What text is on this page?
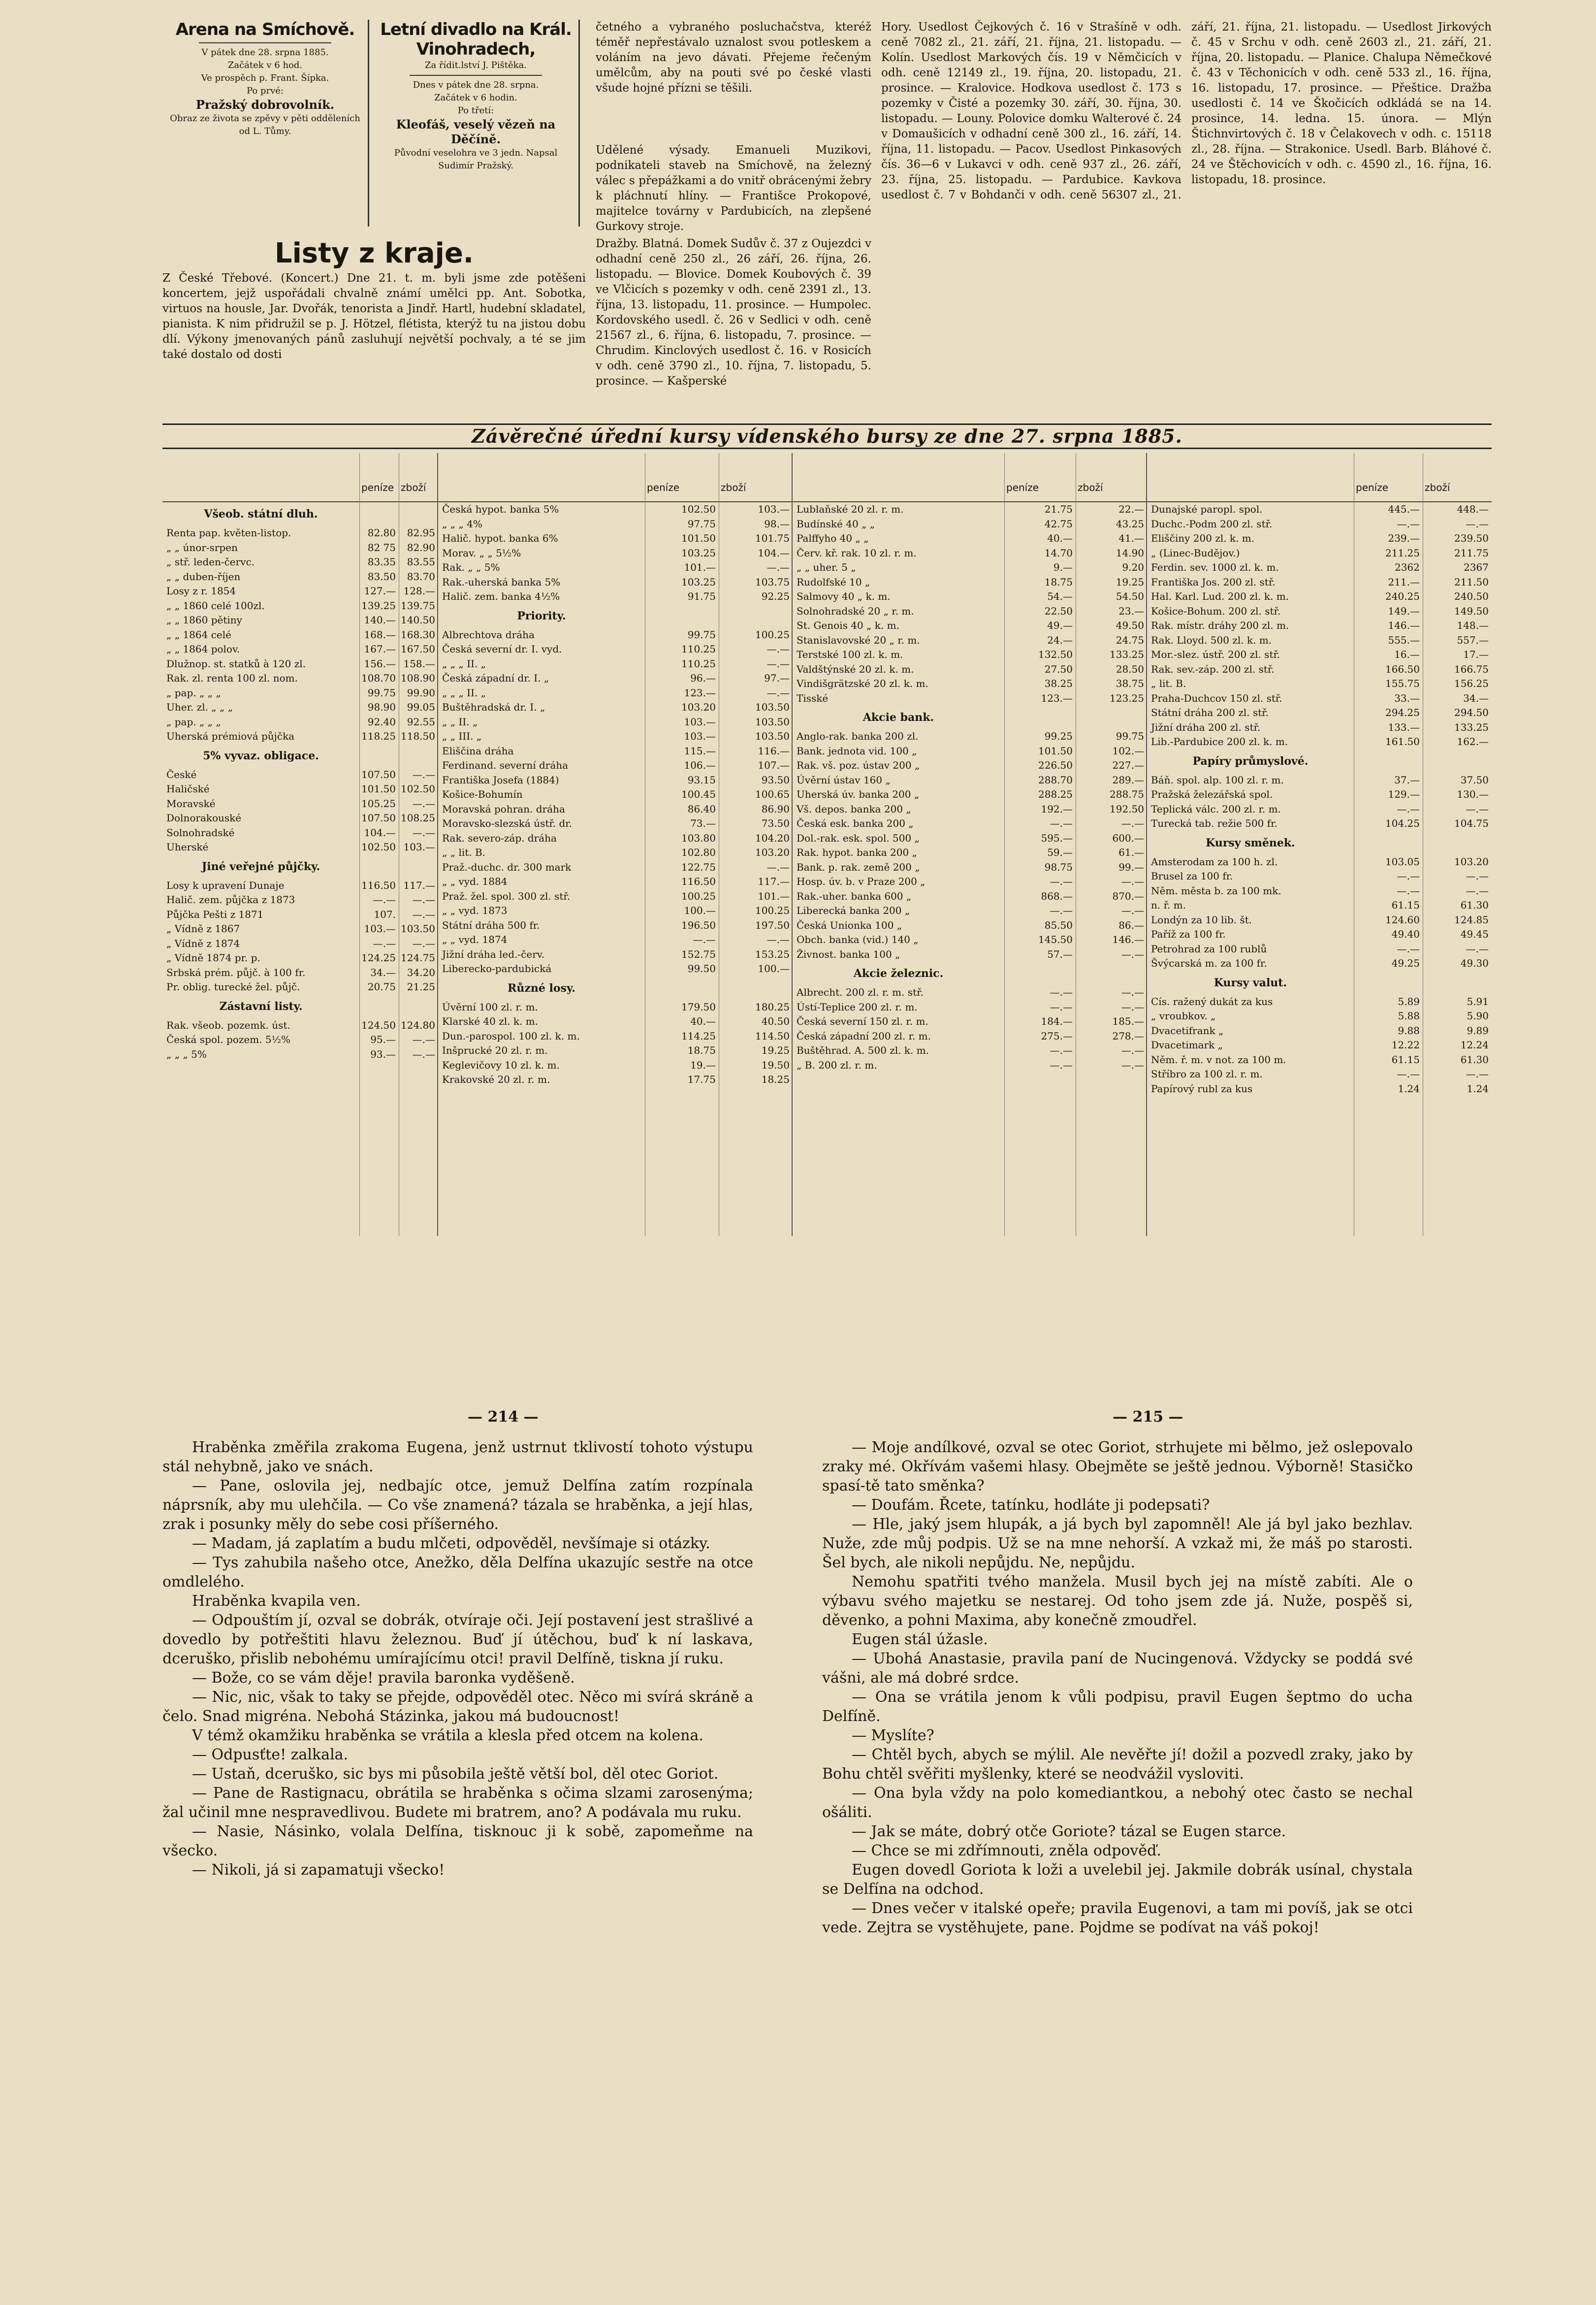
Arena na Smíchově.
V pátek dne 28. srpna 1885.
Začátek v 6 hod.
Ve prospěch p. Frant. Šípka.
Po prvé:
Pražský dobrovolník.
Obraz ze života se zpěvy v pěti odděleních od L. Tůmy.
Letní divadlo na Král. Vinohradech,
Za řídit.lství J. Pištěka.
Dnes v pátek dne 28. srpna.
Začátek v 6 hodin.
Po třetí:
Kleofáš, veselý vězeň na Děčíně.
Původní veselohra ve 3 jedn. Napsal Sudimír Pražský.
Listy z kraje.
Z České Třebové. (Koncert.) Dne 21. t. m. byli jsme zde potěšeni koncertem, jejž uspořádali chvalně známí umělci pp. Ant. Sobotka, virtuos na housle, Jar. Dvořák, tenorista a Jindř. Hartl, hudební skladatel, pianista. K nim přidružil se p. J. Hötzel, flétista, kterýž tu na jistou dobu dlí. Výkony jmenovaných pánů zasluhují největší pochvaly, a té se jim také dostalo od dosti
četného a vybraného posluchačstva, kteréž téměř nepřestávalo uznalost svou potleskem a voláním na jevo dávati. Přejeme řečeným umělcům, aby na pouti své po české vlasti všude hojné přízni se těšili.
Udělené výsady. Emanueli Muzikovi, podnikateli staveb na Smíchově, na železný válec s přepážkami a do vnitř obrácenými žebry k pláchnutí hlíny. — Františce Prokopové, majitelce továrny v Pardubicích, na zlepšené Gurkovy stroje.
Dražby. Blatná. Domek Sudův č. 37 z Oujezdci v odhadní ceně 250 zl., 26 září, 26. října, 26. listopadu. — Blovice. Domek Koubových č. 39 ve Vlčicích s pozemky v odh. ceně 2391 zl., 13. října, 13. listopadu, 11. prosince. — Humpolec. Kordovského usedl. č. 26 v Sedlici v odh. ceně 21567 zl., 6. října, 6. listopadu, 7. prosince. — Chrudim. Kinclových usedlost č. 16. v Rosicích v odh. ceně 3790 zl., 10. října, 7. listopadu, 5. prosince. — Kašperské
Hory. Usedlost Čejkových č. 16 v Strašíně v odh. ceně 7082 zl., 21. září, 21. října, 21. listopadu. — Kolín. Usedlost Markových čís. 19 v Němčicích v odh. ceně 12149 zl., 19. října, 20. listopadu, 21. prosince. — Kralovice. Hodkova usedlost č. 173 s pozemky v Čisté a pozemky 30. září, 30. října, 30. listopadu. — Louny. Polovice domku Walterové č. 24 v Domaušicích v odhadní ceně 300 zl., 16. září, 14. října, 11. listopadu. — Pacov. Usedlost Pinkasových čís. 36—6 v Lukavci v odh. ceně 937 zl., 26. září, 23. října, 25. listopadu. — Pardubice. Kavkova usedlost č. 7 v Bohdanči v odh. ceně 56307 zl., 21. září, 21. října, 21. listopadu. — Usedlost Jirkových č. 45 v Srchu v odh. ceně 2603 zl., 21. září, 21. října, 20. listopadu. — Planice. Chalupa Němečkové č. 43 v Těchonicích v odh. ceně 533 zl., 16. října, 16. listopadu, 17. prosince. — Přeštice. Dražba usedlosti č. 14 ve Škočicích odkládá se na 14. prosince, 14. ledna. 15. února. — Mlýn Štichnvirtových č. 18 v Čelakovech v odh. c. 15118 zl., 28. října. — Strakonice. Usedl. Barb. Bláhové č. 24 ve Štěchovicích v odh. c. 4590 zl., 16. října, 16. listopadu, 18. prosince.
Závěrečné úřední kursy vídenského bursy ze dne 27. srpna 1885.
peníze zboží
Všeob. státní dluh.
Renta pap. květen-listop.	82.80	82.95
„ „ únor-srpen	82 75	82.90
„ stř. leden-červc.	83.35	83.55
„ „ duben-říjen	83.50	83.70
Losy z r. 1854	127.— 128.—
„ „ 1860 celé 100zl.	139.25 139.75
„ „ 1860 pětiny	140.— 140.50
„ „ 1864 celé	168.— 168.30
„ „ 1864 polov.	167.— 167.50
Dlužnop. st. statků à 120 zl.	156.— 158.—
Rak. zl. renta 100 zl. nom.	108.70 108.90
„ pap. „ „ „	99.75	99.90
Uher. zl. „ „ „	98.90	99.05
„ pap. „ „ „	92.40	92.55
Uherská prémiová půjčka	118.25 118.50
5% vyvaz. obligace.
České	107.50	—.—
Haličské	101.50 102.50
Moravské	105.25	—.—
Dolnorakouské	107.50 108.25
Solnohradské	104.—	—.—
Uherské	102.50 103.—
Jiné veřejné půjčky.
Losy k upravení Dunaje	116.50 117.—
Halič. zem. půjčka z 1873	—.—	—.—
Půjčka Pešti z 1871	107.	—.—
„ Vídně z 1867	103.— 103.50
„ Vídně z 1874	—.—	—.—
„ Vídně 1874 pr. p.	124.25 124.75
Srbská prém. půjč. à 100 fr.	34.—	34.20
Pr. oblig. turecké žel. půjč.	20.75	21.25
Zástavní listy.
Rak. všeob. pozemk. úst.	124.50 124.80
Česká spol. pozem. 5½%	95.—	—.—
„ „ „ 5%	93.—	—.—
peníze	zboží
Česká hypot. banka 5%	102.50	103.—
„ „ „ 4%	97.75	98.—
Halič. hypot. banka 6%	101.50	101.75
Morav. „ „ 5½%	103.25	104.—
Rak. „ „ 5%	101.—	—.—
Rak.-uherská banka 5%	103.25	103.75
Halič. zem. banka 4½%	91.75	92.25
Priority.
Albrechtova dráha	99.75	100.25
Česká severní dr. I. vyd.	110.25	—.—
„ „ „ II. „	110.25	—.—
Česká západní dr. I. „	96.—	97.—
„ „ „ II. „	123.—	—.—
Buštěhradská dr. I. „	103.20	103.50
„ „ II. „	103.—	103.50
„ „ III. „	103.—	103.50
Eliščina dráha	115.—	116.—
Ferdinand. severní dráha	106.—	107.—
Františka Josefa (1884)	93.15	93.50
Košice-Bohumín	100.45	100.65
Moravská pohran. dráha	86.40	86.90
Moravsko-slezská ústř. dr.	73.—	73.50
Rak. severo-záp. dráha	103.80	104.20
„ „ lit. B.	102.80	103.20
Praž.-duchc. dr. 300 mark	122.75	—.—
„ „ vyd. 1884	116.50	117.—
Praž. žel. spol. 300 zl. stř.	100.25	101.—
„ „ vyd. 1873	100.—	100.25
Státní dráha 500 fr.	196.50	197.50
„ „ vyd. 1874	—.—	—.—
Jižní dráha led.-červ.	152.75	153.25
Liberecko-pardubická	99.50	100.—
Různé losy.
Úvěrní 100 zl. r. m.	179.50	180.25
Klarské 40 zl. k. m.	40.—	40.50
Dun.-parospol. 100 zl. k. m.	114.25	114.50
Inšprucké 20 zl. r. m.	18.75	19.25
Keglevičovy 10 zl. k. m.	19.—	19.50
Krakovské 20 zl. r. m.	17.75	18.25
peníze	zboží
Lublaňské 20 zl. r. m.	21.75	22.—
Budínské 40 „ „	42.75	43.25
Palffyho 40 „ „	40.—	41.—
Červ. kř. rak. 10 zl. r. m.	14.70	14.90
„ „ uher. 5 „	9.—	9.20
Rudolfské 10 „	18.75	19.25
Salmovy 40 „ k. m.	54.—	54.50
Solnohradské 20 „ r. m.	22.50	23.—
St. Genois 40 „ k. m.	49.—	49.50
Stanislavovské 20 „ r. m.	24.—	24.75
Terstské 100 zl. k. m.	132.50	133.25
Valdštýnské 20 zl. k. m.	27.50	28.50
Vindišgrätzské 20 zl. k. m.	38.25	38.75
Tisské	123.—	123.25
Akcie bank.
Anglo-rak. banka 200 zl.	99.25	99.75
Bank. jednota vid. 100 „	101.50	102.—
Rak. vš. poz. ústav 200 „	226.50	227.—
Úvěrní ústav 160 „	288.70	289.—
Uherská úv. banka 200 „	288.25	288.75
Vš. depos. banka 200 „	192.—	192.50
Česká esk. banka 200 „	—.—	—.—
Dol.-rak. esk. spol. 500 „	595.—	600.—
Rak. hypot. banka 200 „	59.—	61.—
Bank. p. rak. země 200 „	98.75	99.—
Hosp. úv. b. v Praze 200 „	—.—	—.—
Rak.-uher. banka 600 „	868.—	870.—
Liberecká banka 200 „	—.—	—.—
Česká Unionka 100 „	85.50	86.—
Obch. banka (vid.) 140 „	145.50	146.—
Živnost. banka 100 „	57.—	—.—
Akcie železnic.
Albrecht. 200 zl. r. m. stř.	—.—	—.—
Ústí-Teplice 200 zl. r. m.	—.—	—.—
Česká severní 150 zl. r. m.	184.—	185.—
Česká západní 200 zl. r. m.	275.—	278.—
Buštěhrad. A. 500 zl. k. m.	—.—	—.—
„ B. 200 zl. r. m.	—.—	—.—
peníze	zboží
Dunajské paropl. spol.	445.—	448.—
Duchc.-Podm 200 zl. stř.	—.—	—.—
Eliščiny 200 zl. k. m.	239.—	239.50
„ (Linec-Budějov.)	211.25	211.75
Ferdin. sev. 1000 zl. k. m.	2362	2367
Františka Jos. 200 zl. stř.	211.—	211.50
Hal. Karl. Lud. 200 zl. k. m.	240.25	240.50
Košice-Bohum. 200 zl. stř.	149.—	149.50
Rak. místr. dráhy 200 zl. m.	146.—	148.—
Rak. Lloyd. 500 zl. k. m.	555.—	557.—
Mor.-slez. ústř. 200 zl. stř.	16.—	17.—
Rak. sev.-záp. 200 zl. stř.	166.50	166.75
„ lit. B.	155.75	156.25
Praha-Duchcov 150 zl. stř.	33.—	34.—
Státní dráha 200 zl. stř.	294.25	294.50
Jižní dráha 200 zl. stř.	133.—	133.25
Lib.-Pardubice 200 zl. k. m.	161.50	162.—
Papíry průmyslové.
Báň. spol. alp. 100 zl. r. m.	37.—	37.50
Pražská železářská spol.	129.—	130.—
Teplická válc. 200 zl. r. m.	—.—	—.—
Turecká tab. režie 500 fr.	104.25	104.75
Kursy směnek.
Amsterodam za 100 h. zl.	103.05	103.20
Brusel za 100 fr.	—.—	—.—
Něm. města b. za 100 mk.	—.—	—.—
n. ř. m.	61.15	61.30
Londýn za 10 lib. št.	124.60	124.85
Paříž za 100 fr.	49.40	49.45
Petrohrad za 100 rublů	—.—	—.—
Švýcarská m. za 100 fr.	49.25	49.30
Kursy valut.
Cís. ražený dukát za kus	5.89	5.91
„ vroubkov. „	5.88	5.90
Dvacetifrank „	9.88	9.89
Dvacetimark „	12.22	12.24
Něm. ř. m. v not. za 100 m.	61.15	61.30
Stříbro za 100 zl. r. m.	—.—	—.—
Papírový rubl za kus	1.24	1.24
— 214 —	— 215 —

Hraběnka změřila zrakoma Eugena, jenž ustrnut tklivostí tohoto výstupu stál nehybně, jako ve snách.

— Pane, oslovila jej, nedbajíc otce, jemuž Delfína zatím rozpínala náprsník, aby mu ulehčila. — Co vše znamená? tázala se hraběnka, a její hlas, zrak i posunky měly do sebe cosi příšerného.

— Madam, já zaplatím a budu mlčeti, odpověděl, nevšímaje si otázky.

— Tys zahubila našeho otce, Anežko, děla Delfína ukazujíc sestře na otce omdlelého.

Hraběnka kvapila ven.

— Odpouštím jí, ozval se dobrák, otvíraje oči. Její postavení jest strašlivé a dovedlo by potřeštiti hlavu železnou. Buď jí útěchou, buď k ní laskava, dceruško, přislib nebohému umírajícímu otci! pravil Delfíně, tiskna jí ruku.

— Bože, co se vám děje! pravila baronka vyděšeně.

— Nic, nic, však to taky se přejde, odpověděl otec. Něco mi svírá skráně a čelo. Snad migréna. Nebohá Stázinka, jakou má budoucnost!

V témž okamžiku hraběnka se vrátila a klesla před otcem na kolena.

— Odpusťte! zalkala.

— Ustaň, dceruško, sic bys mi působila ještě větší bol, děl otec Goriot.

— Pane de Rastignacu, obrátila se hraběnka s očima slzami zarosenýma; žal učinil mne nespravedlivou. Budete mi bratrem, ano? A podávala mu ruku.

— Nasie, Násinko, volala Delfína, tisknouc ji k sobě, zapomeňme na všecko.

— Nikoli, já si zapamatuji všecko!

— Moje andílkové, ozval se otec Goriot, strhujete mi bělmo, jež oslepovalo zraky mé. Okřívám vašemi hlasy. Obejměte se ještě jednou. Výborně! Stasičko spasí-tě tato směnka?

— Doufám. Řcete, tatínku, hodláte ji podepsati?

— Hle, jaký jsem hlupák, a já bych byl zapomněl! Ale já byl jako bezhlav. Nuže, zde můj podpis. Už se na mne nehorší. A vzkaž mi, že máš po starosti. Šel bych, ale nikoli nepůjdu. Ne, nepůjdu.

Nemohu spatřiti tvého manžela. Musil bych jej na místě zabíti. Ale o výbavu svého majetku se nestarej. Od toho jsem zde já. Nuže, pospěš si, děvenko, a pohni Maxima, aby konečně zmoudřel.

Eugen stál úžasle.

— Ubohá Anastasie, pravila paní de Nucingenová. Vždycky se poddá své vášni, ale má dobré srdce.

— Ona se vrátila jenom k vůli podpisu, pravil Eugen šeptmo do ucha Delfíně.

— Myslíte?

— Chtěl bych, abych se mýlil. Ale nevěřte jí! dožil a pozvedl zraky, jako by Bohu chtěl svěřiti myšlenky, které se neodvážil vysloviti.

— Ona byla vždy na polo komediantkou, a nebohý otec často se nechal ošáliti.

— Jak se máte, dobrý otče Goriote? tázal se Eugen starce.

— Chce se mi zdřímnouti, zněla odpověď.

Eugen dovedl Goriota k loži a uvelebil jej. Jakmile dobrák usínal, chystala se Delfína na odchod.

— Dnes večer v italské opeře; pravila Eugenovi, a tam mi povíš, jak se otci vede. Zejtra se vystěhujete, pane. Pojdme se podívat na váš pokoj!
